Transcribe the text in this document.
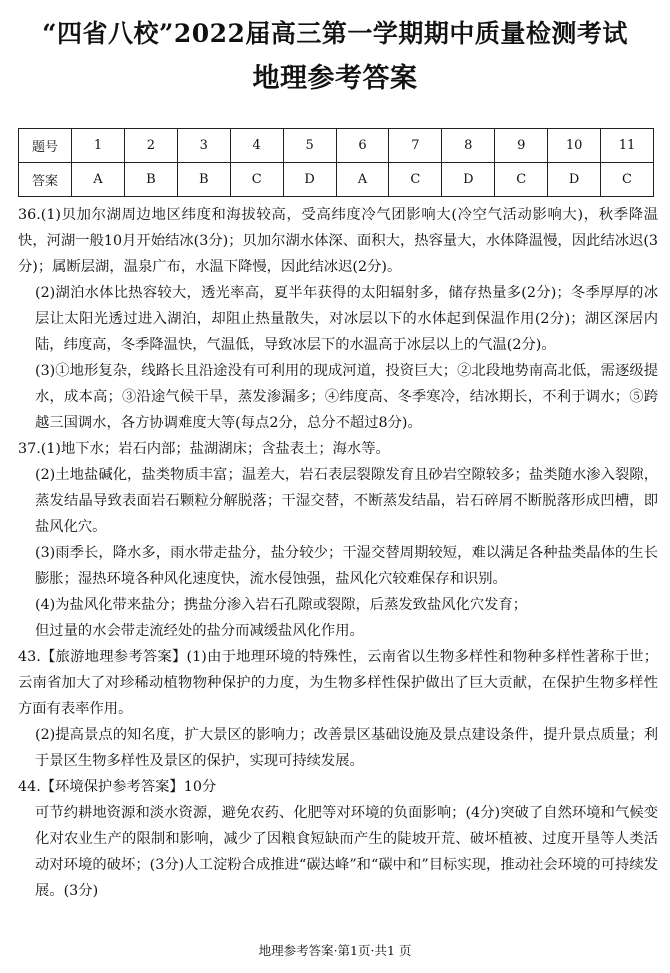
“四省八校”2022届高三第一学期期中质量检测考试
地理参考答案
题号	1	2	3	4	5	6	7	8	9	10	11
答案	A	B	B	C	D	A	C	D	C	D	C

36.(1)贝加尔湖周边地区纬度和海拔较高，受高纬度冷气团影响大(冷空气活动影响大)，秋季降温快，河湖一般10月开始结冰(3分)；贝加尔湖水体深、面积大，热容量大，水体降温慢，因此结冰迟(3分)；属断层湖，温泉广布，水温下降慢，因此结冰迟(2分)。

(2)湖泊水体比热容较大，透光率高，夏半年获得的太阳辐射多，储存热量多(2分)；冬季厚厚的冰层让太阳光透过进入湖泊，却阻止热量散失，对冰层以下的水体起到保温作用(2分)；湖区深居内陆，纬度高，冬季降温快，气温低，导致冰层下的水温高于冰层以上的气温(2分)。

(3)①地形复杂，线路长且沿途没有可利用的现成河道，投资巨大；②北段地势南高北低，需逐级提水，成本高；③沿途气候干旱，蒸发渗漏多；④纬度高、冬季寒冷，结冰期长，不利于调水；⑤跨越三国调水，各方协调难度大等(每点2分，总分不超过8分)。

37.(1)地下水；岩石内部；盐湖湖床；含盐表土；海水等。

(2)土地盐碱化，盐类物质丰富；温差大，岩石表层裂隙发育且砂岩空隙较多；盐类随水渗入裂隙，蒸发结晶导致表面岩石颗粒分解脱落；干湿交替，不断蒸发结晶，岩石碎屑不断脱落形成凹槽，即盐风化穴。

(3)雨季长，降水多，雨水带走盐分，盐分较少；干湿交替周期较短，难以满足各种盐类晶体的生长膨胀；湿热环境各种风化速度快，流水侵蚀强，盐风化穴较难保存和识别。

(4)为盐风化带来盐分；携盐分渗入岩石孔隙或裂隙，后蒸发致盐风化穴发育；

但过量的水会带走流经处的盐分而减缓盐风化作用。

43.【旅游地理参考答案】(1)由于地理环境的特殊性，云南省以生物多样性和物种多样性著称于世；云南省加大了对珍稀动植物物种保护的力度，为生物多样性保护做出了巨大贡献，在保护生物多样性方面有表率作用。

(2)提高景点的知名度，扩大景区的影响力；改善景区基础设施及景点建设条件，提升景点质量；利于景区生物多样性及景区的保护，实现可持续发展。

44.【环境保护参考答案】10分

可节约耕地资源和淡水资源，避免农药、化肥等对环境的负面影响；(4分)突破了自然环境和气候变化对农业生产的限制和影响，减少了因粮食短缺而产生的陡坡开荒、破坏植被、过度开垦等人类活动对环境的破坏；(3分)人工淀粉合成推进“碳达峰”和“碳中和”目标实现，推动社会环境的可持续发展。(3分)

地理参考答案·第1页·共1 页
